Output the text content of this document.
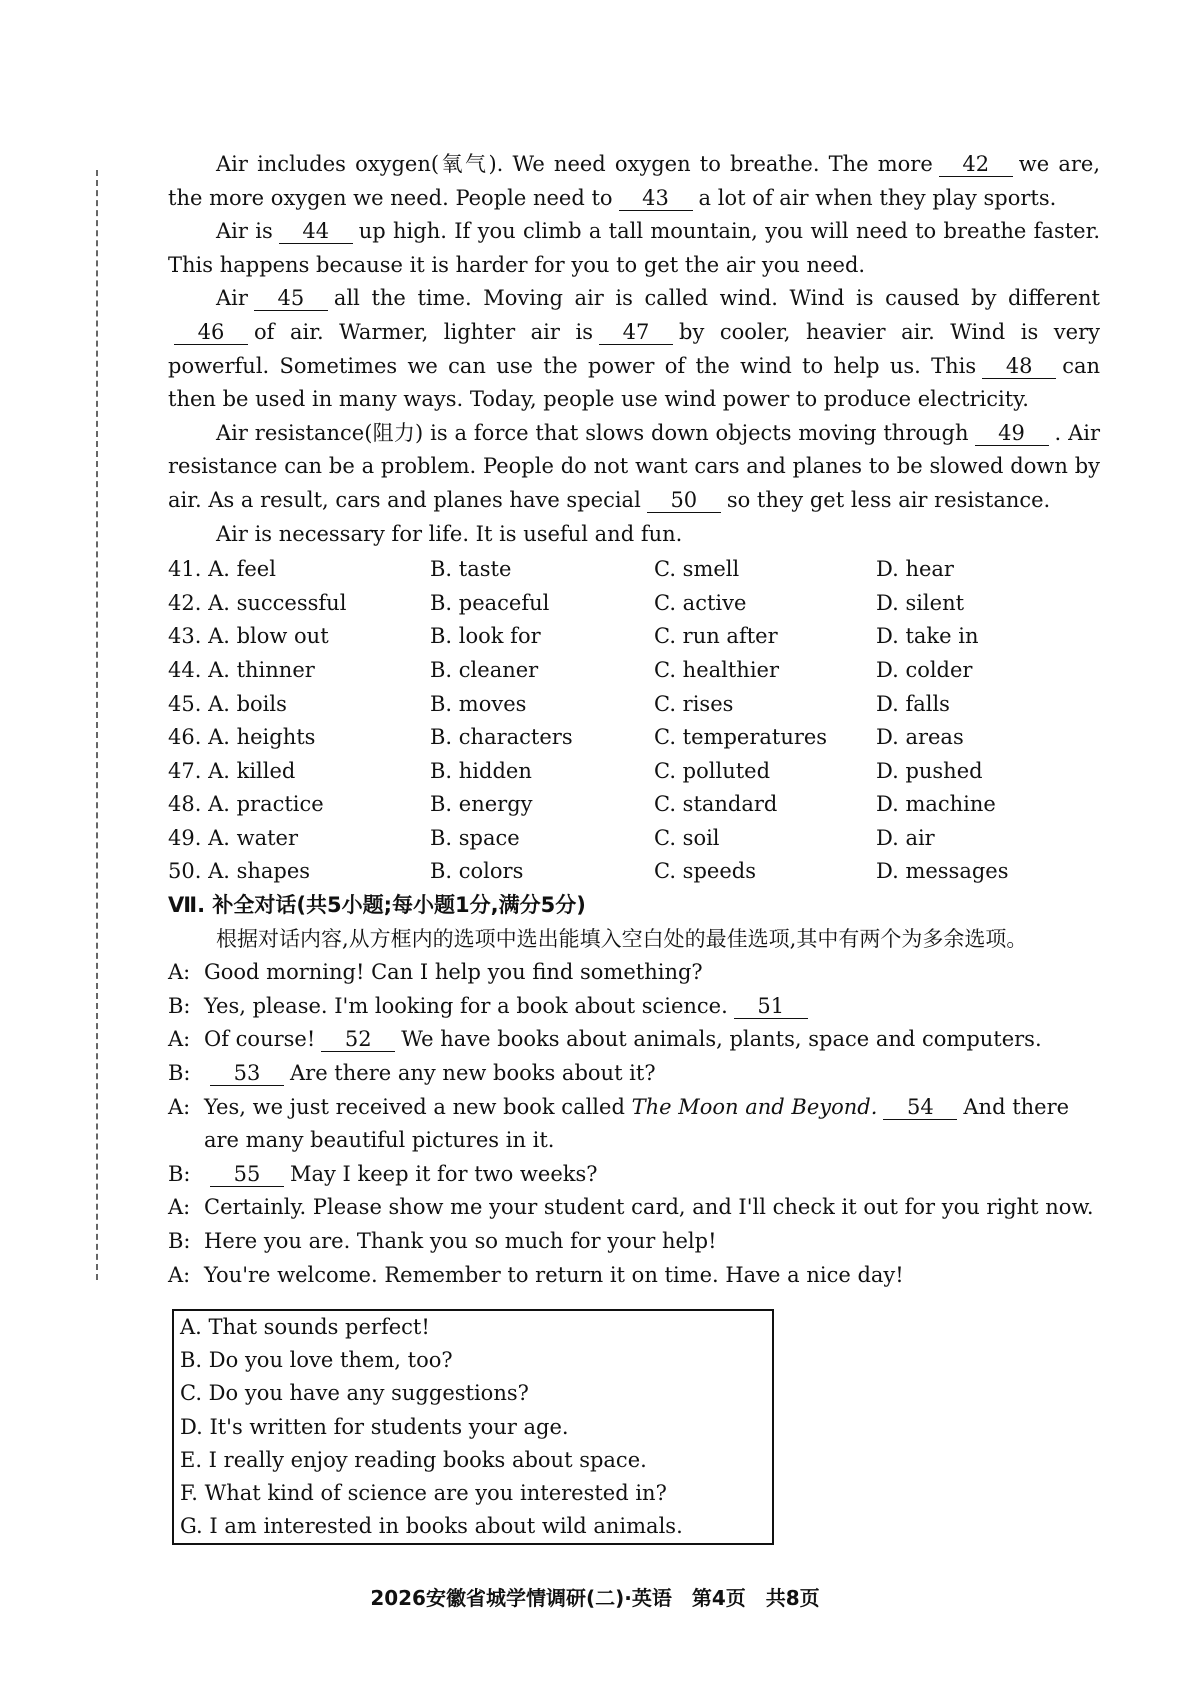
Air includes oxygen(氧气). We need oxygen to breathe. The more 42 we are, the more oxygen we need. People need to 43 a lot of air when they play sports.

Air is 44 up high. If you climb a tall mountain, you will need to breathe faster. This happens because it is harder for you to get the air you need.

Air 45 all the time. Moving air is called wind. Wind is caused by different46 of air. Warmer, lighter air is 47 by cooler, heavier air. Wind is very powerful. Sometimes we can use the power of the wind to help us. This 48 can then be used in many ways. Today, people use wind power to produce electricity.

Air resistance(阻力) is a force that slows down objects moving through 49 . Air resistance can be a problem. People do not want cars and planes to be slowed down by air. As a result, cars and planes have special 50 so they get less air resistance.

Air is necessary for life. It is useful and fun.

41. A. feel	B. taste	C. smell	D. hear
42. A. successful	B. peaceful	C. active	D. silent
43. A. blow out	B. look for	C. run after	D. take in
44. A. thinner	B. cleaner	C. healthier	D. colder
45. A. boils	B. moves	C. rises	D. falls
46. A. heights	B. characters	C. temperatures	D. areas
47. A. killed	B. hidden	C. polluted	D. pushed
48. A. practice	B. energy	C. standard	D. machine
49. A. water	B. space	C. soil	D. air
50. A. shapes	B. colors	C. speeds	D. messages

Ⅶ. 补全对话(共5小题;每小题1分,满分5分)

根据对话内容,从方框内的选项中选出能填入空白处的最佳选项,其中有两个为多余选项。

A: Good morning! Can I help you find something?
B: Yes, please. I'm looking for a book about science. 51
A: Of course! 52 We have books about animals, plants, space and computers.
B:	53 Are there any new books about it?
A: Yes, we just received a new book called The Moon and Beyond. 54 And there are many beautiful pictures in it.
B:	55 May I keep it for two weeks?
A: Certainly. Please show me your student card, and I'll check it out for you right now.
B: Here you are. Thank you so much for your help!
A: You're welcome. Remember to return it on time. Have a nice day!

A. That sounds perfect!

B. Do you love them, too?

C. Do you have any suggestions?

D. It's written for students your age.

E. I really enjoy reading books about space.

F. What kind of science are you interested in?

G. I am interested in books about wild animals.

2026安徽省城学情调研(二)·英语　第4页　共8页
